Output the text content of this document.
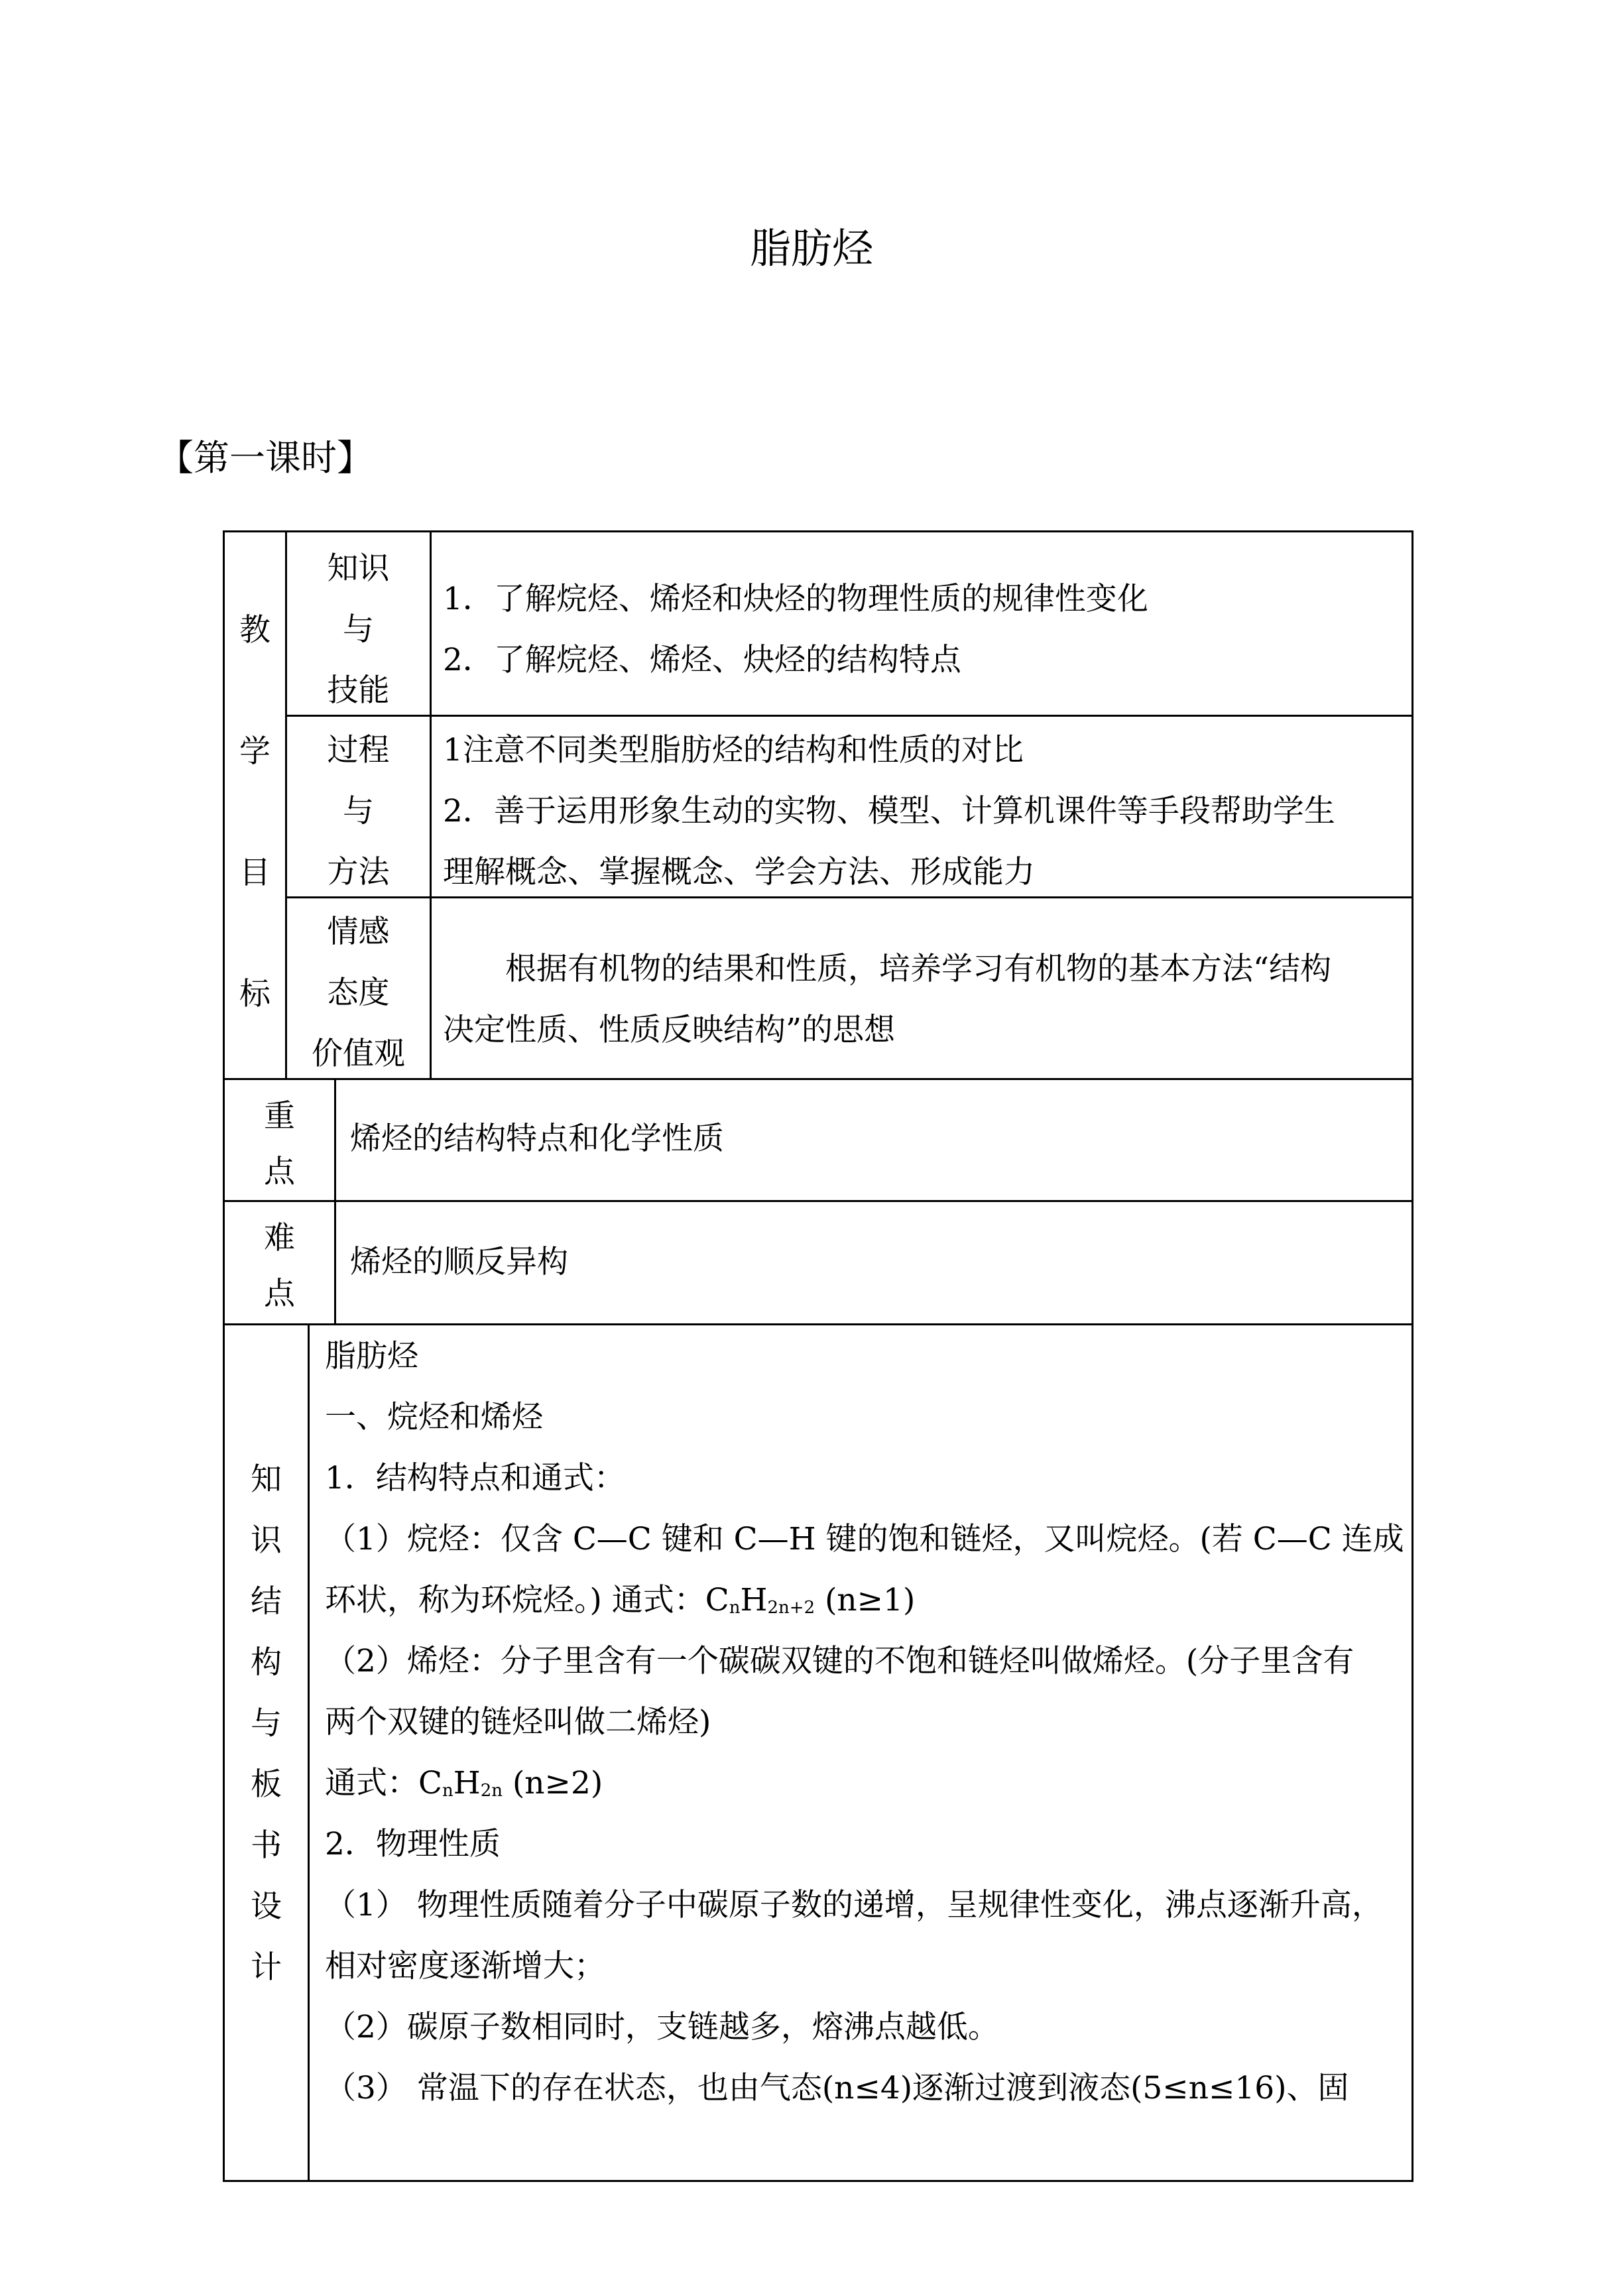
脂肪烃
【第一课时】
教
学
目
标
知识
与
技能
1．了解烷烃、烯烃和炔烃的物理性质的规律性变化
2．了解烷烃、烯烃、炔烃的结构特点
过程
与
方法
1注意不同类型脂肪烃的结构和性质的对比
2．善于运用形象生动的实物、模型、计算机课件等手段帮助学生
理解概念、掌握概念、学会方法、形成能力
情感
态度
价值观
根据有机物的结果和性质，培养学习有机物的基本方法“结构
决定性质、性质反映结构”的思想
重
点
烯烃的结构特点和化学性质
难
点
烯烃的顺反异构
知
识
结
构
与
板
书
设
计
脂肪烃
一、烷烃和烯烃
1．结构特点和通式：
（1）烷烃：仅含 C—C 键和 C—H 键的饱和链烃，又叫烷烃。(若 C—C 连成
环状，称为环烷烃。) 通式：$C_nH_{2n+2}$ (n≥1)
（2）烯烃：分子里含有一个碳碳双键的不饱和链烃叫做烯烃。(分子里含有
两个双键的链烃叫做二烯烃)
通式：$C_nH_{2n}$ (n≥2)
2．物理性质
（1） 物理性质随着分子中碳原子数的递增，呈规律性变化，沸点逐渐升高，
相对密度逐渐增大；
（2）碳原子数相同时，支链越多，熔沸点越低。
（3） 常温下的存在状态，也由气态(n≤4)逐渐过渡到液态(5≤n≤16)、固
